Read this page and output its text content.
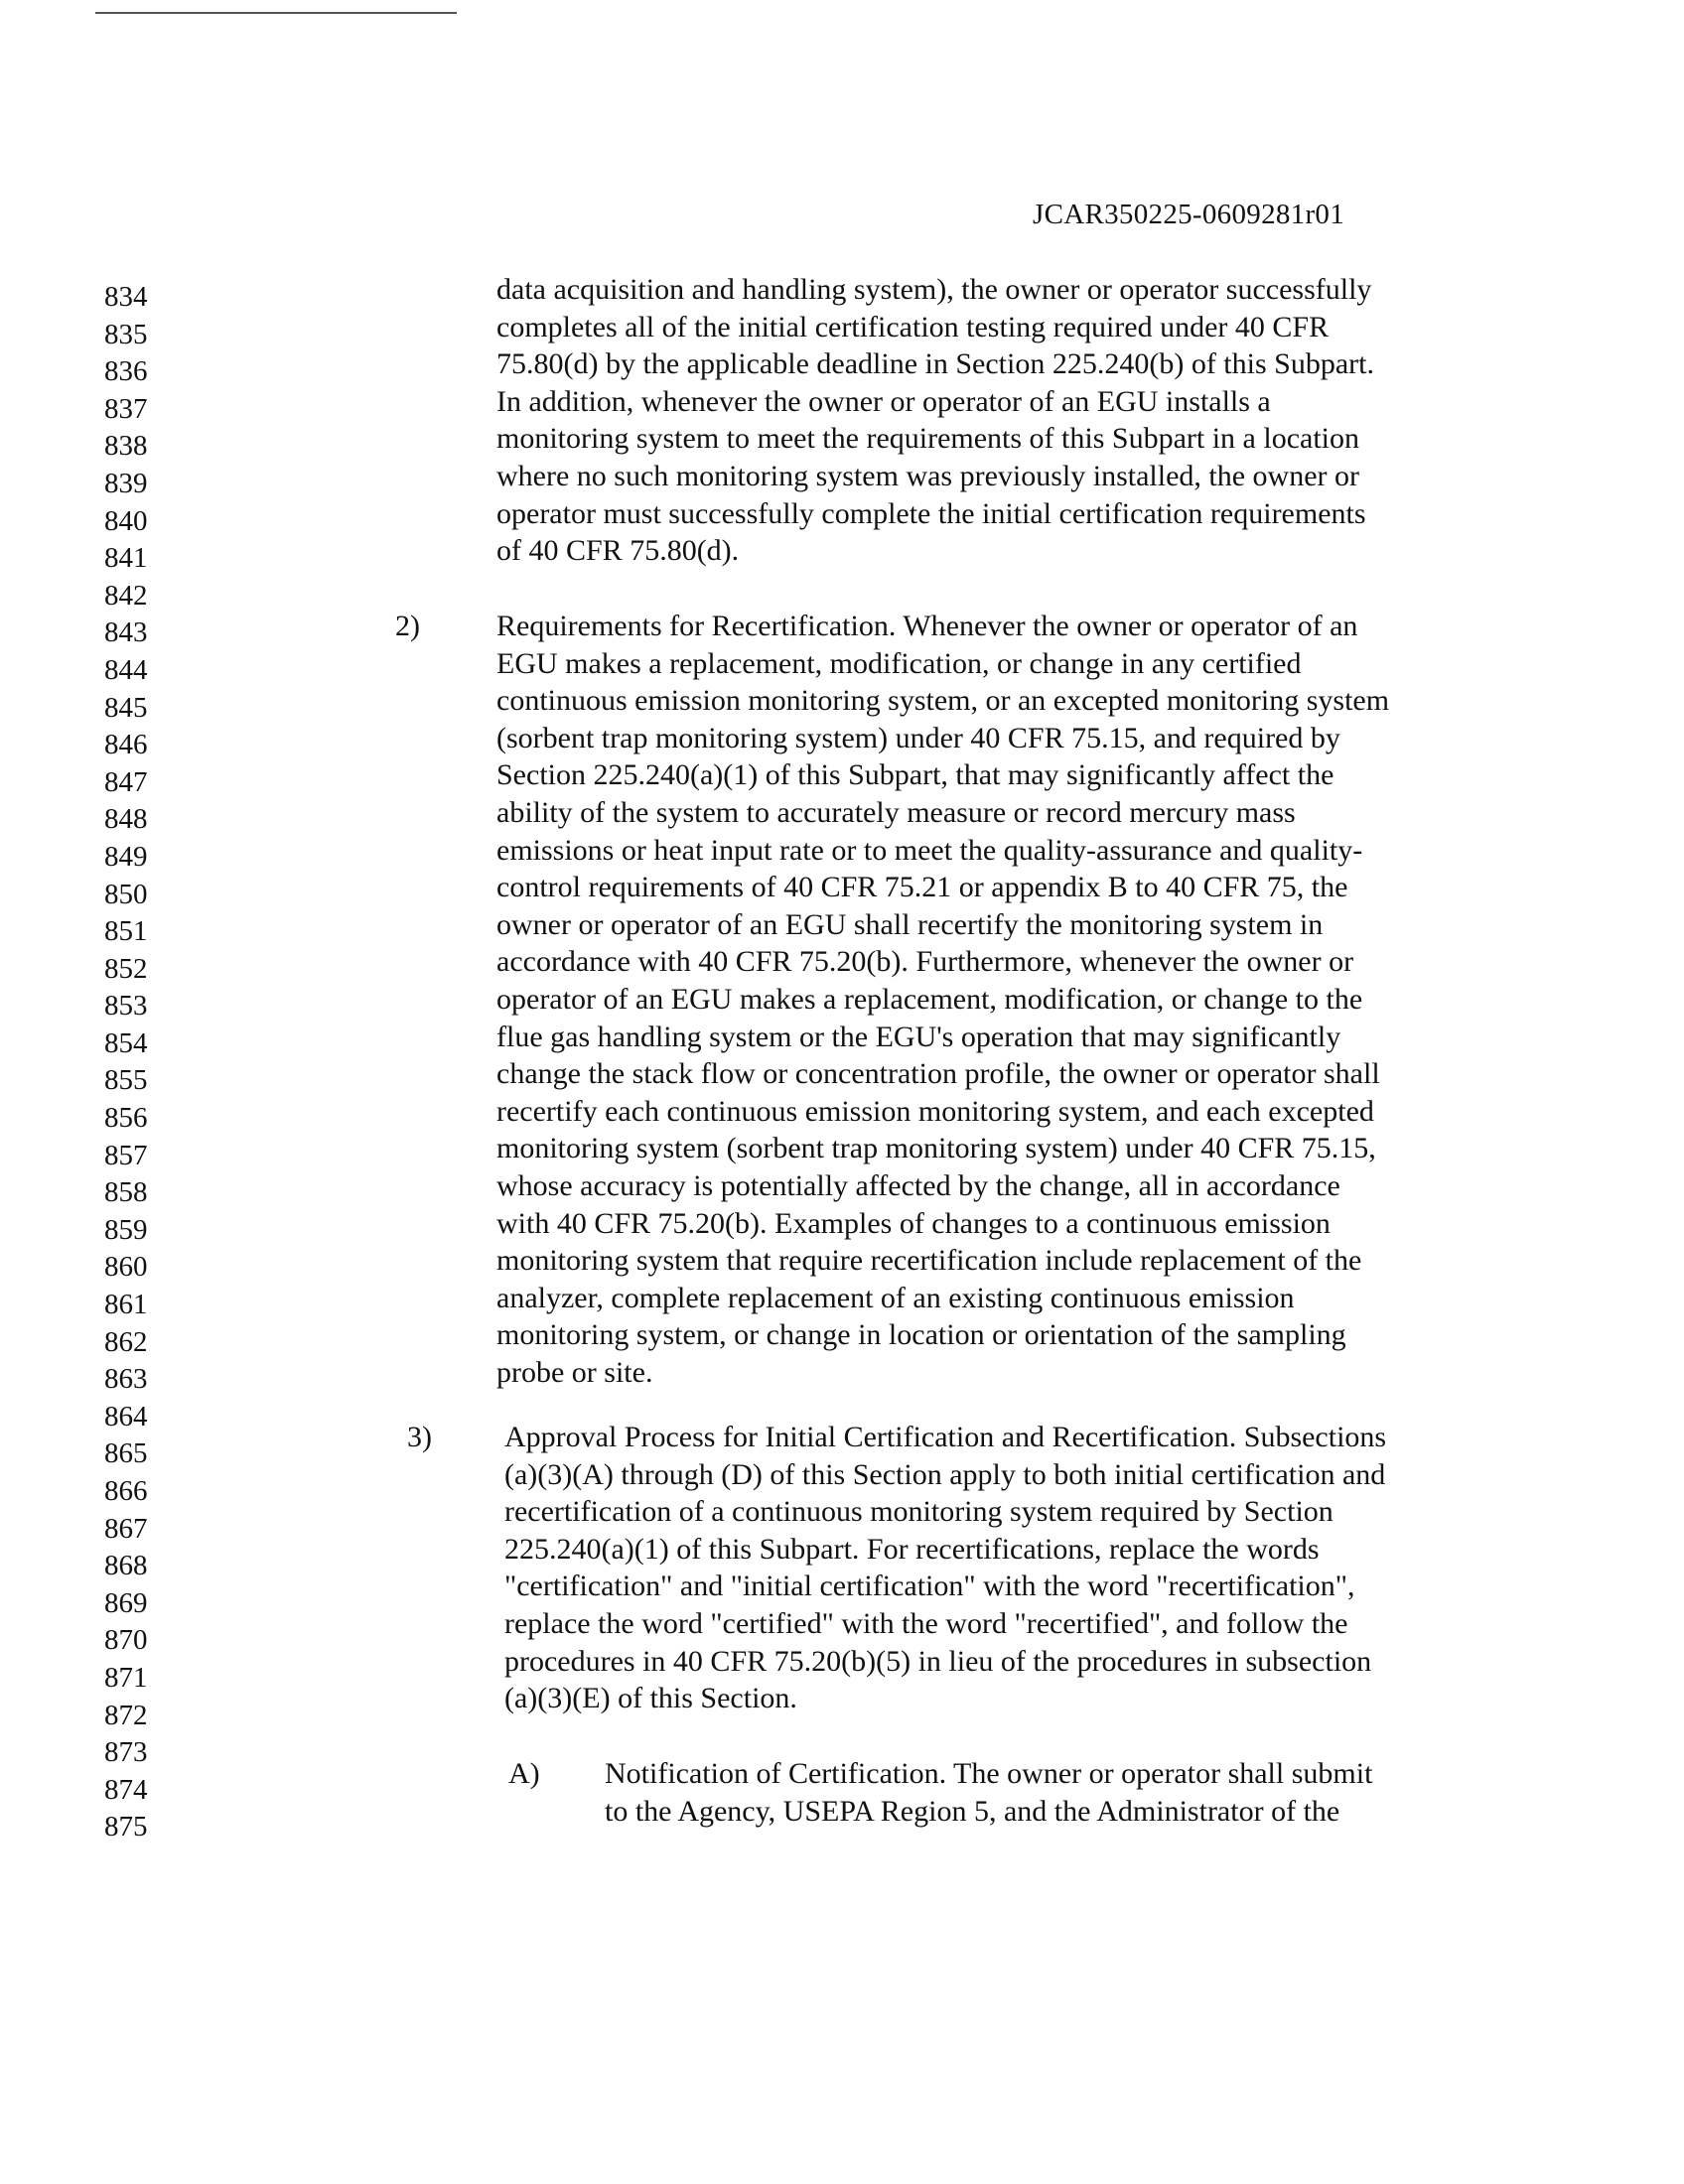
JCAR350225-0609281r01
834
835
836
837
838
839
840
841
842
843
844
845
846
847
848
849
850
851
852
853
854
855
856
857
858
859
860
861
862
863
864
865
866
867
868
869
870
871
872
873
874
875
data acquisition and handling system), the owner or operator successfully
completes all of the initial certification testing required under 40 CFR
75.80(d) by the applicable deadline in Section 225.240(b) of this Subpart.
In addition, whenever the owner or operator of an EGU installs a
monitoring system to meet the requirements of this Subpart in a location
where no such monitoring system was previously installed, the owner or
operator must successfully complete the initial certification requirements
of 40 CFR 75.80(d).
2)	Requirements for Recertification. Whenever the owner or operator of an
EGU makes a replacement, modification, or change in any certified
continuous emission monitoring system, or an excepted monitoring system
(sorbent trap monitoring system) under 40 CFR 75.15, and required by
Section 225.240(a)(1) of this Subpart, that may significantly affect the
ability of the system to accurately measure or record mercury mass
emissions or heat input rate or to meet the quality-assurance and quality-
control requirements of 40 CFR 75.21 or appendix B to 40 CFR 75, the
owner or operator of an EGU shall recertify the monitoring system in
accordance with 40 CFR 75.20(b). Furthermore, whenever the owner or
operator of an EGU makes a replacement, modification, or change to the
flue gas handling system or the EGU's operation that may significantly
change the stack flow or concentration profile, the owner or operator shall
recertify each continuous emission monitoring system, and each excepted
monitoring system (sorbent trap monitoring system) under 40 CFR 75.15,
whose accuracy is potentially affected by the change, all in accordance
with 40 CFR 75.20(b). Examples of changes to a continuous emission
monitoring system that require recertification include replacement of the
analyzer, complete replacement of an existing continuous emission
monitoring system, or change in location or orientation of the sampling
probe or site.
3) Approval Process for Initial Certification and Recertification. Subsections
(a)(3)(A) through (D) of this Section apply to both initial certification and
recertification of a continuous monitoring system required by Section
225.240(a)(1) of this Subpart. For recertifications, replace the words
"certification" and "initial certification" with the word "recertification",
replace the word "certified" with the word "recertified", and follow the
procedures in 40 CFR 75.20(b)(5) in lieu of the procedures in subsection
(a)(3)(E) of this Section.
A) Notification of Certification. The owner or operator shall submit
to the Agency, USEPA Region 5, and the Administrator of the
